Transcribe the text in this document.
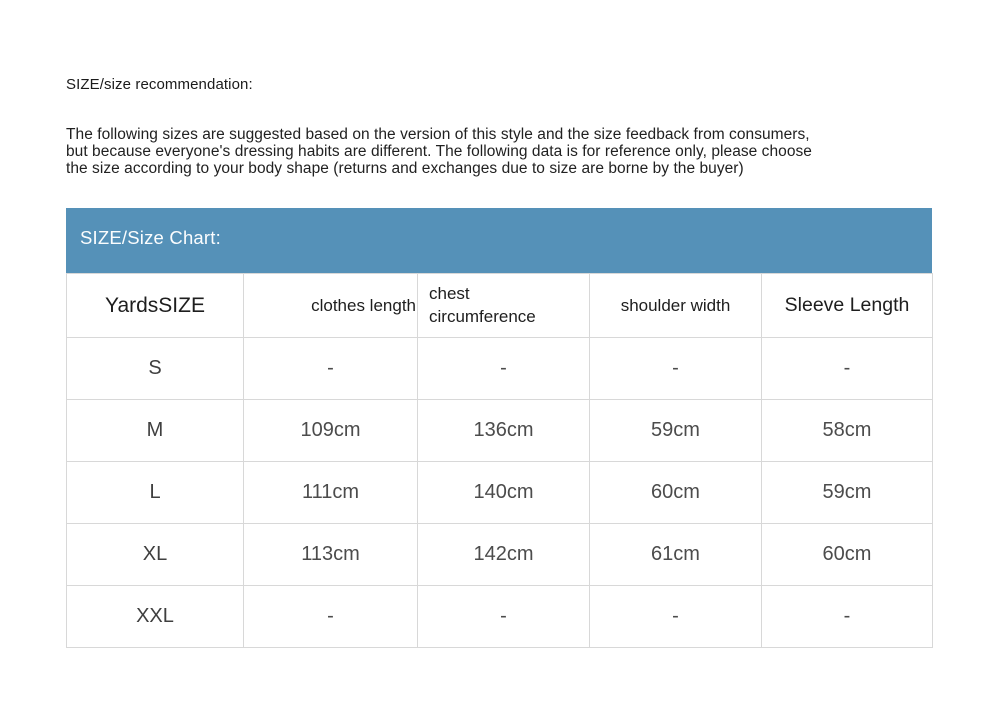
SIZE/size recommendation:
The following sizes are suggested based on the version of this style and the size feedback from consumers,
but because everyone's dressing habits are different. The following data is for reference only, please choose
the size according to your body shape (returns and exchanges due to size are borne by the buyer)
SIZE/Size Chart:
YardsSIZE	clothes length	chest circumference	shoulder width	Sleeve Length
S	-	-	-	-
M	109cm	136cm	59cm	58cm
L	111cm	140cm	60cm	59cm
XL	113cm	142cm	61cm	60cm
XXL	-	-	-	-
